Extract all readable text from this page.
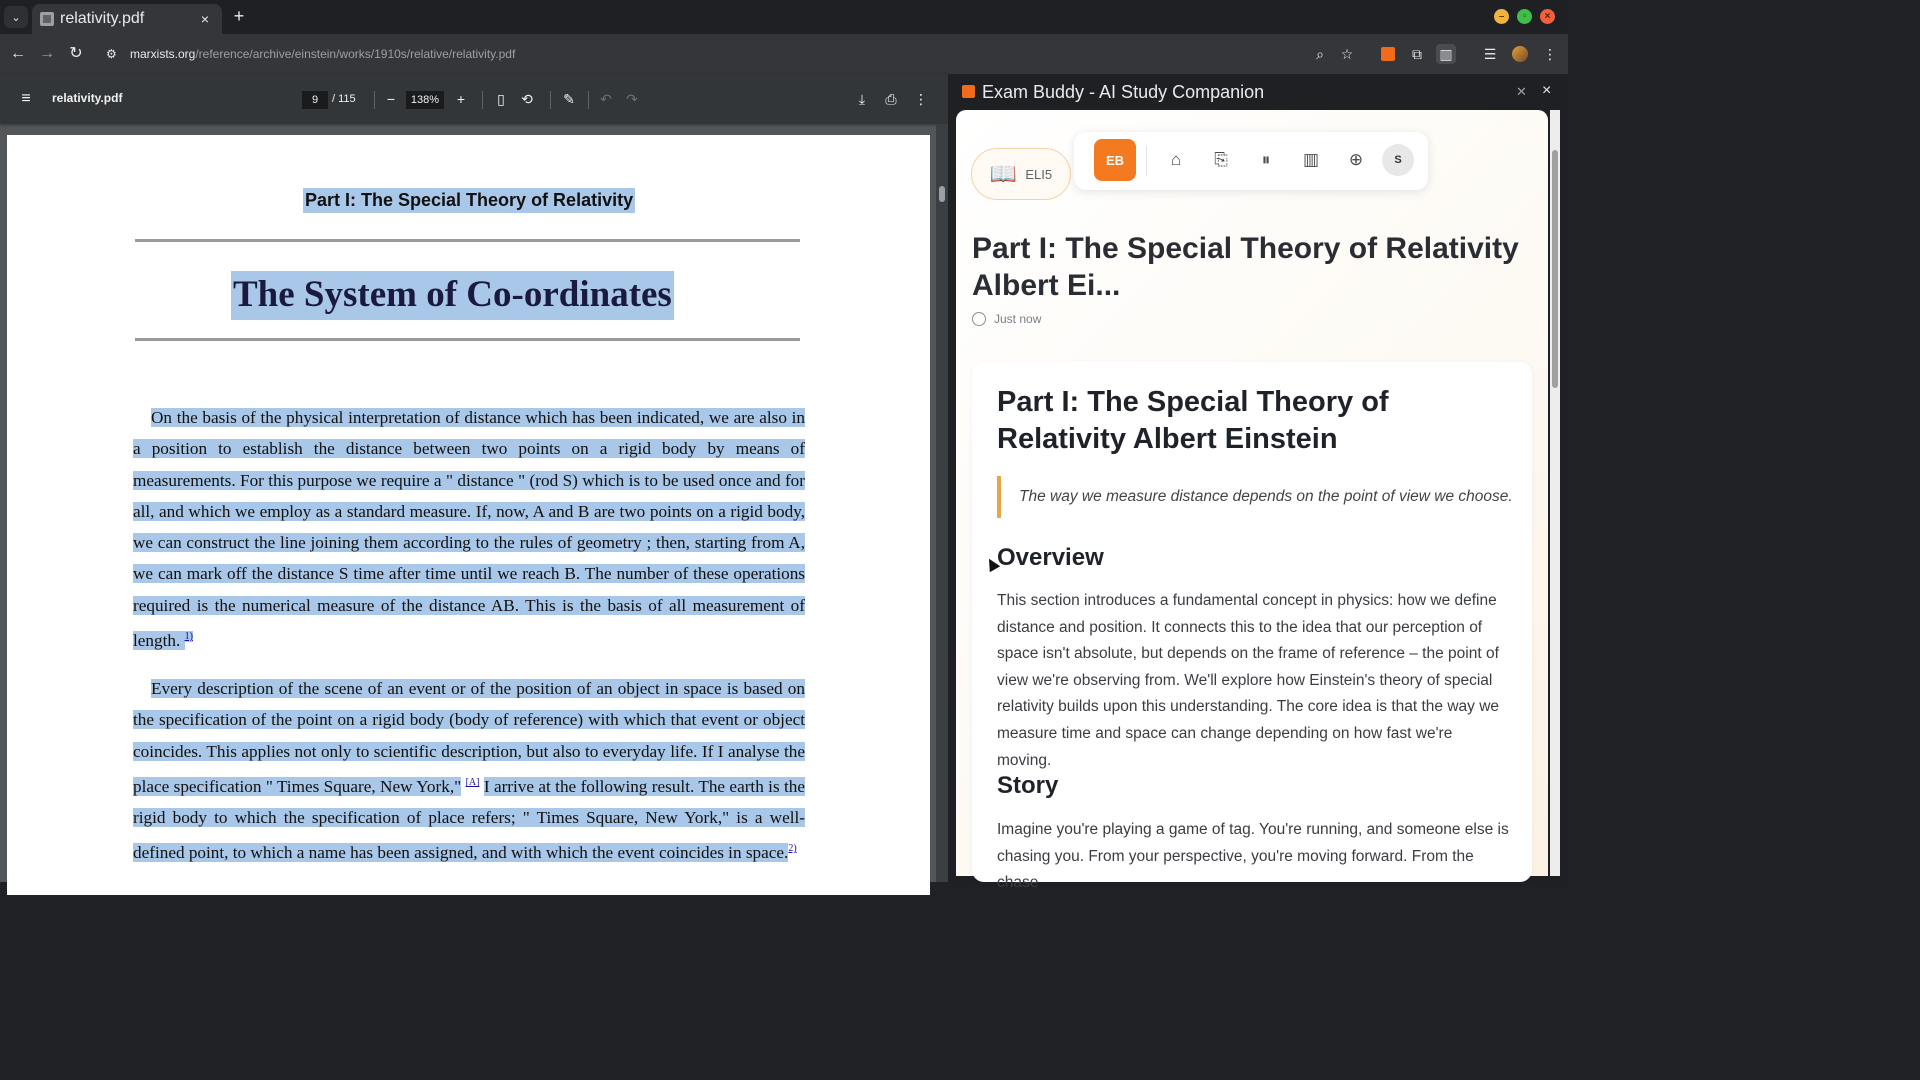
⌄	relativity.pdf	×	+	–	▫	×
← → ↻	⚙ marxists.org /reference/archive/einstein/works/1910s/relative/relativity.pdf	⌕	☆	⧉	▥ ☰	⋮
≡	relativity.pdf
9	/ 115	−	138%	+	▯	⟲ ✎ ↶ ↷	⤓	⎙	⋮
Part I: The Special Theory of Relativity
The System of Co-ordinates
On the basis of the physical interpretation of distance which has been indicated, we are also in a position to establish the distance between two points on a rigid body by means of measurements. For this purpose we require a " distance " (rod S) which is to be used once and for all, and which we employ as a standard measure. If, now, A and B are two points on a rigid body, we can construct the line joining them according to the rules of geometry ; then, starting from A, we can mark off the distance S time after time until we reach B. The number of these operations required is the numerical measure of the distance AB. This is the basis of all measurement of length. $^{1)}$
Every description of the scene of an event or of the position of an object in space is based on the specification of the point on a rigid body (body of reference) with which that event or object coincides. This applies not only to scientific description, but also to everyday life. If I analyse the place specification " Times Square, New York," [A] I arrive at the following result. The earth is the rigid body to which the specification of place refers; " Times Square, New York," is a well-defined point, to which a name has been assigned, and with which the event coincides in space.$^{2)}$
Exam Buddy - AI Study Companion	✕ ×
📖 ELI5
EB	⌂	⎘	⏸	▥ ⊕	S
Part I: The Special Theory of Relativity Albert Ei...
Just now
Part I: The Special Theory of Relativity Albert Einstein
The way we measure distance depends on the point of view we choose.
Overview
This section introduces a fundamental concept in physics: how we define distance and position. It connects this to the idea that our perception of space isn't absolute, but depends on the frame of reference – the point of view we're observing from. We'll explore how Einstein's theory of special relativity builds upon this understanding. The core idea is that the way we measure time and space can change depending on how fast we're moving.
Story
Imagine you're playing a game of tag. You're running, and someone else is chasing you. From your perspective, you're moving forward. From the chase
